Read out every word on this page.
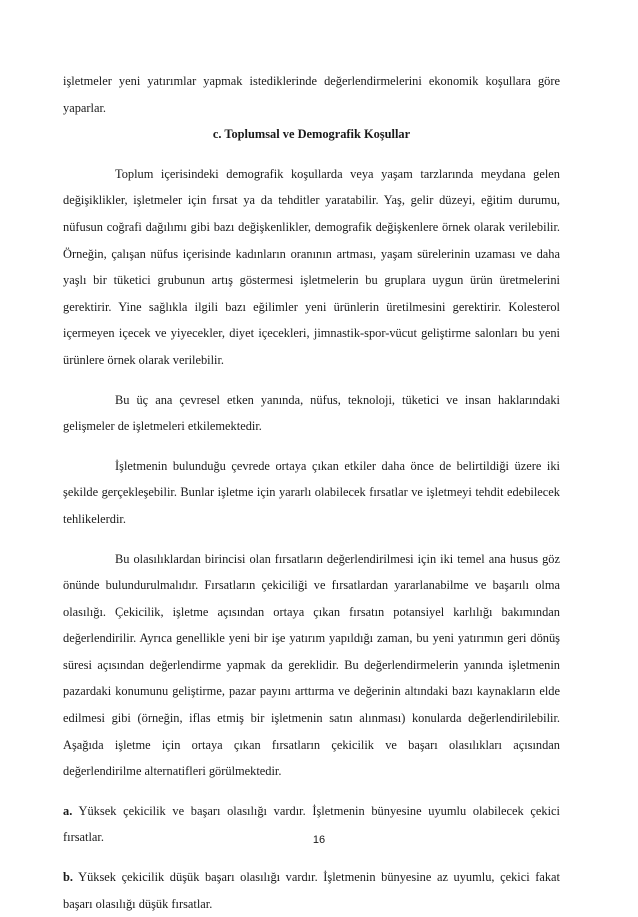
işletmeler yeni yatırımlar yapmak istediklerinde değerlendirmelerini ekonomik koşullara göre yaparlar.

c. Toplumsal ve Demografik Koşullar

Toplum içerisindeki demografik koşullarda veya yaşam tarzlarında meydana gelen değişiklikler, işletmeler için fırsat ya da tehditler yaratabilir. Yaş, gelir düzeyi, eğitim durumu, nüfusun coğrafi dağılımı gibi bazı değişkenlikler, demografik değişkenlere örnek olarak verilebilir. Örneğin, çalışan nüfus içerisinde kadınların oranının artması, yaşam sürelerinin uzaması ve daha yaşlı bir tüketici grubunun artış göstermesi işletmelerin bu gruplara uygun ürün üretmelerini gerektirir. Yine sağlıkla ilgili bazı eğilimler yeni ürünlerin üretilmesini gerektirir. Kolesterol içermeyen içecek ve yiyecekler, diyet içecekleri, jimnastik-spor-vücut geliştirme salonları bu yeni ürünlere örnek olarak verilebilir.

Bu üç ana çevresel etken yanında, nüfus, teknoloji, tüketici ve insan haklarındaki gelişmeler de işletmeleri etkilemektedir.

İşletmenin bulunduğu çevrede ortaya çıkan etkiler daha önce de belirtildiği üzere iki şekilde gerçekleşebilir. Bunlar işletme için yararlı olabilecek fırsatlar ve işletmeyi tehdit edebilecek tehlikelerdir.

Bu olasılıklardan birincisi olan fırsatların değerlendirilmesi için iki temel ana husus göz önünde bulundurulmalıdır. Fırsatların çekiciliği ve fırsatlardan yararlanabilme ve başarılı olma olasılığı. Çekicilik, işletme açısından ortaya çıkan fırsatın potansiyel karlılığı bakımından değerlendirilir. Ayrıca genellikle yeni bir işe yatırım yapıldığı zaman, bu yeni yatırımın geri dönüş süresi açısından değerlendirme yapmak da gereklidir. Bu değerlendirmelerin yanında işletmenin pazardaki konumunu geliştirme, pazar payını arttırma ve değerinin altındaki bazı kaynakların elde edilmesi gibi (örneğin, iflas etmiş bir işletmenin satın alınması) konularda değerlendirilebilir. Aşağıda işletme için ortaya çıkan fırsatların çekicilik ve başarı olasılıkları açısından değerlendirilme alternatifleri görülmektedir.

a. Yüksek çekicilik ve başarı olasılığı vardır. İşletmenin bünyesine uyumlu olabilecek çekici fırsatlar.

b. Yüksek çekicilik düşük başarı olasılığı vardır. İşletmenin bünyesine az uyumlu, çekici fakat başarı olasılığı düşük fırsatlar.

16
